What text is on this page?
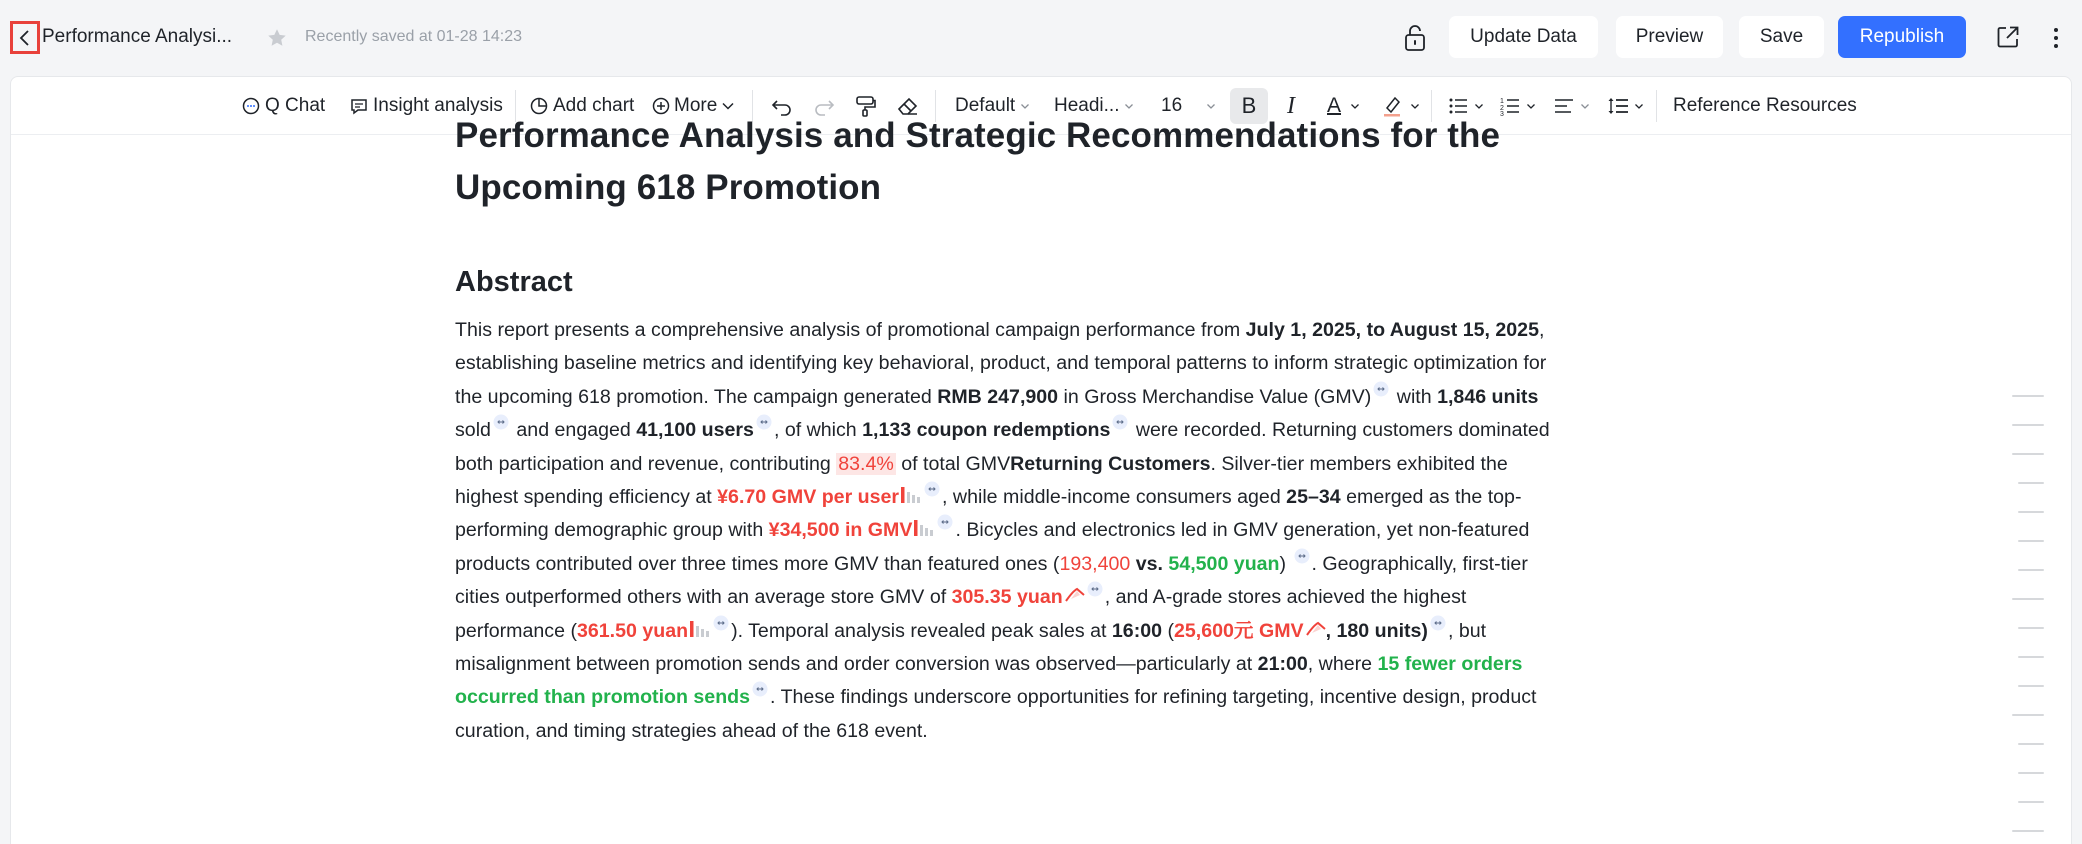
Performance Analysi...	Recently saved at 01-28 14:23	Update Data	Preview	Save	Republish
Q Chat	Insight analysis	Add chart More	Default Headi... 16	B I A	1
2
3	Reference Resources
Performance Analysis and Strategic Recommendations for the Upcoming 618 Promotion
Abstract

This report presents a comprehensive analysis of promotional campaign performance from July 1, 2025, to August 15, 2025, establishing baseline metrics and identifying key behavioral, product, and temporal patterns to inform strategic optimization for the upcoming 618 promotion. The campaign generated RMB 247,900 in Gross Merchandise Value (GMV) with 1,846 units sold and engaged 41,100 users , of which 1,133 coupon redemptions were recorded. Returning customers dominated both participation and revenue, contributing 83.4% of total GMVReturning Customers. Silver-tier members exhibited the highest spending efficiency at ¥6.70 GMV per user , while middle-income consumers aged 25–34 emerged as the top-performing demographic group with ¥34,500 in GMV . Bicycles and electronics led in GMV generation, yet non-featured products contributed over three times more GMV than featured ones (193,400 vs. 54,500 yuan) . Geographically, first-tier cities outperformed others with an average store GMV of 305.35 yuan , and A-grade stores achieved the highest performance (361.50 yuan ). Temporal analysis revealed peak sales at 16:00 (25,600元 GMV , 180 units) , but misalignment between promotion sends and order conversion was observed—particularly at 21:00, where 15 fewer orders occurred than promotion sends . These findings underscore opportunities for refining targeting, incentive design, product curation, and timing strategies ahead of the 618 event.
